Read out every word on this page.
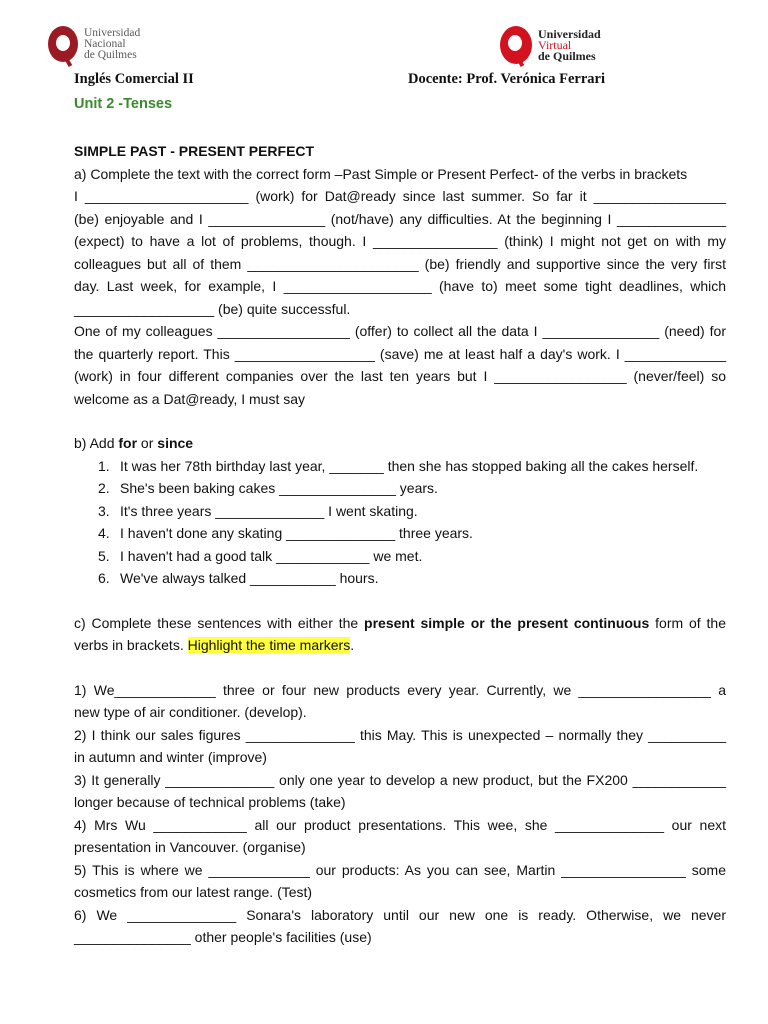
Universidad
Nacional
de Quilmes
Universidad
Virtual
de Quilmes
Inglés Comercial II	Docente: Prof. Verónica Ferrari
Unit 2 -Tenses
SIMPLE PAST - PRESENT PERFECT
a) Complete the text with the correct form –Past Simple or Present Perfect- of the verbs in brackets
I _____________________ (work) for Dat@ready since last summer. So far it _________________
(be) enjoyable and I _______________ (not/have) any difficulties. At the beginning I ______________
(expect) to have a lot of problems, though. I ________________ (think) I might not get on with my
colleagues but all of them ______________________ (be) friendly and supportive since the very first
day. Last week, for example, I ___________________ (have to) meet some tight deadlines, which
__________________ (be) quite successful.
One of my colleagues _________________ (offer) to collect all the data I _______________ (need) for
the quarterly report. This __________________ (save) me at least half a day's work. I _____________
(work) in four different companies over the last ten years but I _________________ (never/feel) so
welcome as a Dat@ready, I must say
b) Add for or since
1. It was her 78th birthday last year, _______ then she has stopped baking all the cakes herself.
2. She's been baking cakes _______________ years.
3. It's three years ______________ I went skating.
4. I haven't done any skating ______________ three years.
5. I haven't had a good talk ____________ we met.
6. We've always talked ___________ hours.
c) Complete these sentences with either the present simple or the present continuous form of the
verbs in brackets. Highlight the time markers.
1) We_____________ three or four new products every year. Currently, we _________________ a
new type of air conditioner. (develop).
2) I think our sales figures ______________ this May. This is unexpected – normally they __________
in autumn and winter (improve)
3) It generally ______________ only one year to develop a new product, but the FX200 ____________
longer because of technical problems (take)
4) Mrs Wu ____________ all our product presentations. This wee, she ______________ our next
presentation in Vancouver. (organise)
5) This is where we _____________ our products: As you can see, Martin ________________ some
cosmetics from our latest range. (Test)
6) We ______________ Sonara's laboratory until our new one is ready. Otherwise, we never
_______________ other people's facilities (use)
